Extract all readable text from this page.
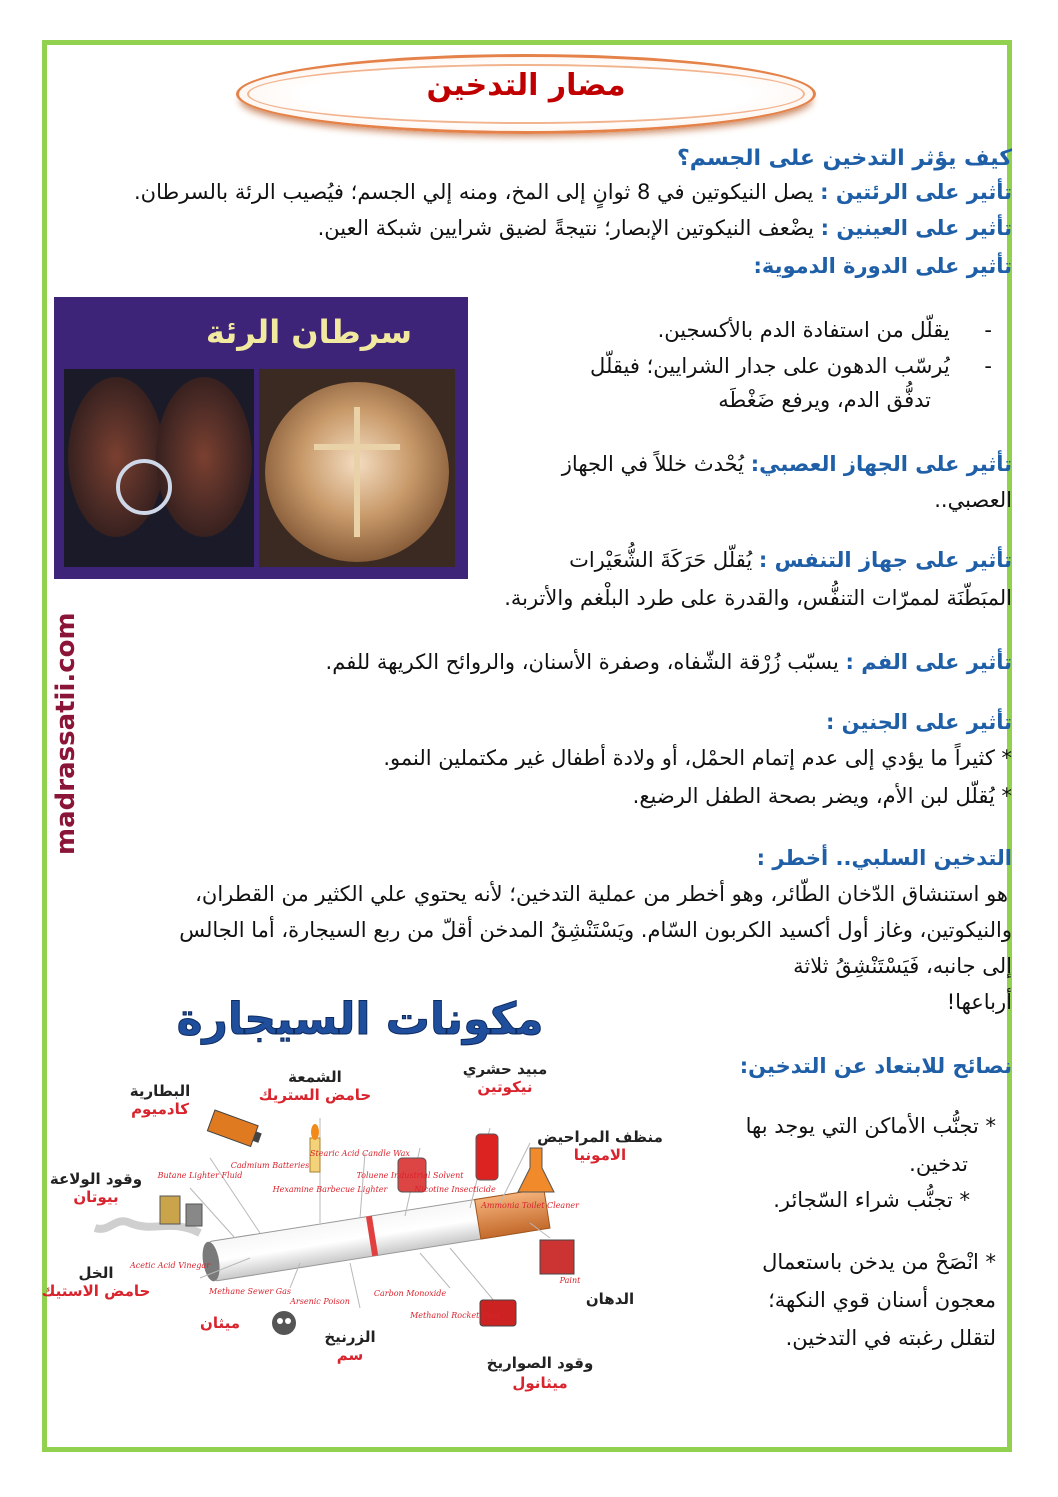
مضار التدخين
madrassatii.com
كيف يؤثر التدخين على الجسم؟
تأثير على الرئتين : يصل النيكوتين في 8 ثوانٍ إلى المخ، ومنه إلي الجسم؛ فيُصيب الرئة بالسرطان.
تأثير على العينين : يضْعف النيكوتين الإبصار؛ نتيجةً لضيق شرايين شبكة العين.
تأثير على الدورة الدموية:
سرطان الرئة	- يقلّل من استفادة الدم بالأكسجين.
- يُرسّب الدهون على جدار الشرايين؛ فيقلّل
تدفُّق الدم، ويرفع ضَغْطَه
تأثير على الجهاز العصبي: يُحْدث خللاً في الجهاز
العصبي..
تأثير على جهاز التنفس : يُقلّل حَرَكَةَ الشُّعَيْرات
المبَطّنَة لممرّات التنفُّس، والقدرة على طرد البلْغم والأتربة.
تأثير على الفم : يسبّب زُرْقة الشّفاه، وصفرة الأسنان، والروائح الكريهة للفم.
تأثير على الجنين :
* كثيراً ما يؤدي إلى عدم إتمام الحمْل، أو ولادة أطفال غير مكتملين النمو.
* يُقلّل لبن الأم، ويضر بصحة الطفل الرضيع.
التدخين السلبي.. أخطر :
هو استنشاق الدّخان الطّائر، وهو أخطر من عملية التدخين؛ لأنه يحتوي علي الكثير من القطران،
والنيكوتين، وغاز أول أكسيد الكربون السّام. ويَسْتَنْشِقُ المدخن أقلّ من ربع السيجارة، أما الجالس
إلى جانبه، فَيَسْتَنْشِقُ ثلاثة
أرباعها!
نصائح للابتعاد عن التدخين:
* تجنُّب الأماكن التي يوجد بها
تدخين.
* تجنُّب شراء السّجائر.
* انْصَحْ من يدخن باستعمال
معجون أسنان قوي النكهة؛
لتقلل رغبته في التدخين.
مكونات السيجارة
البطارية
كادميوم
الشمعة
حامض الستريك
مبيد حشري
نيكوتين
منظف المراحيض
الامونيا
وقود الولاعة
بيوتان
الخل
حامض الاستيك	الدهان
ميثان
الزرنيخ
سم	وقود الصواريخ
ميثانول
Cadmium Batteries
Stearic Acid Candle Wax
Nicotine Insecticide
Ammonia Toilet Cleaner
Butane Lighter Fluid
Acetic Acid Vinegar
Paint
Methane Sewer Gas
Arsenic Poison
Methanol Rocket Fuel
Toluene Industrial Solvent
Hexamine Barbecue Lighter
Carbon Monoxide
